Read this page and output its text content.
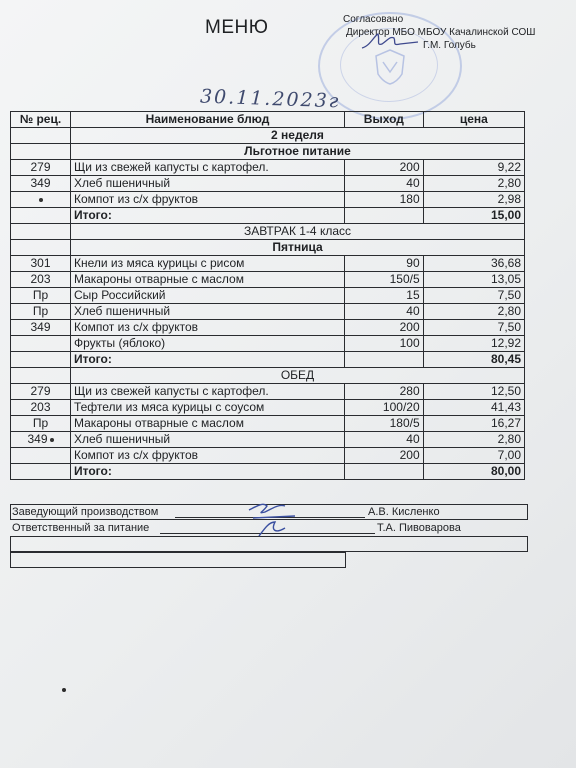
МЕНЮ	Согласовано
Директор МБО МБОУ Качалинской СОШ
Г.М. Голубь
30.11.2023г
№ рец.	Наименование блюд	Выход	цена
	2 неделя		
	Льготное питание		
279	Щи из свежей капусты с картофел.	200	9,22
349	Хлеб пшеничный	40	2,80
	Компот из с/х фруктов	180	2,98
	Итого:		15,00
	ЗАВТРАК 1-4 класс		
	Пятница		
301	Кнели из мяса курицы с рисом	90	36,68
203	Макароны отварные с маслом	150/5	13,05
Пр	Сыр Российский	15	7,50
Пр	Хлеб пшеничный	40	2,80
349	Компот из с/х фруктов	200	7,50
	Фрукты (яблоко)	100	12,92
	Итого:		80,45
	ОБЕД		
279	Щи из свежей капусты с картофел.	280	12,50
203	Тефтели из мяса курицы с соусом	100/20	41,43
Пр	Макароны отварные с маслом	180/5	16,27
349	Хлеб пшеничный	40	2,80
	Компот из с/х фруктов	200	7,00
	Итого:		80,00
Заведующий производством	А.В. Кисленко
Ответственный за питание	Т.А. Пивоварова
